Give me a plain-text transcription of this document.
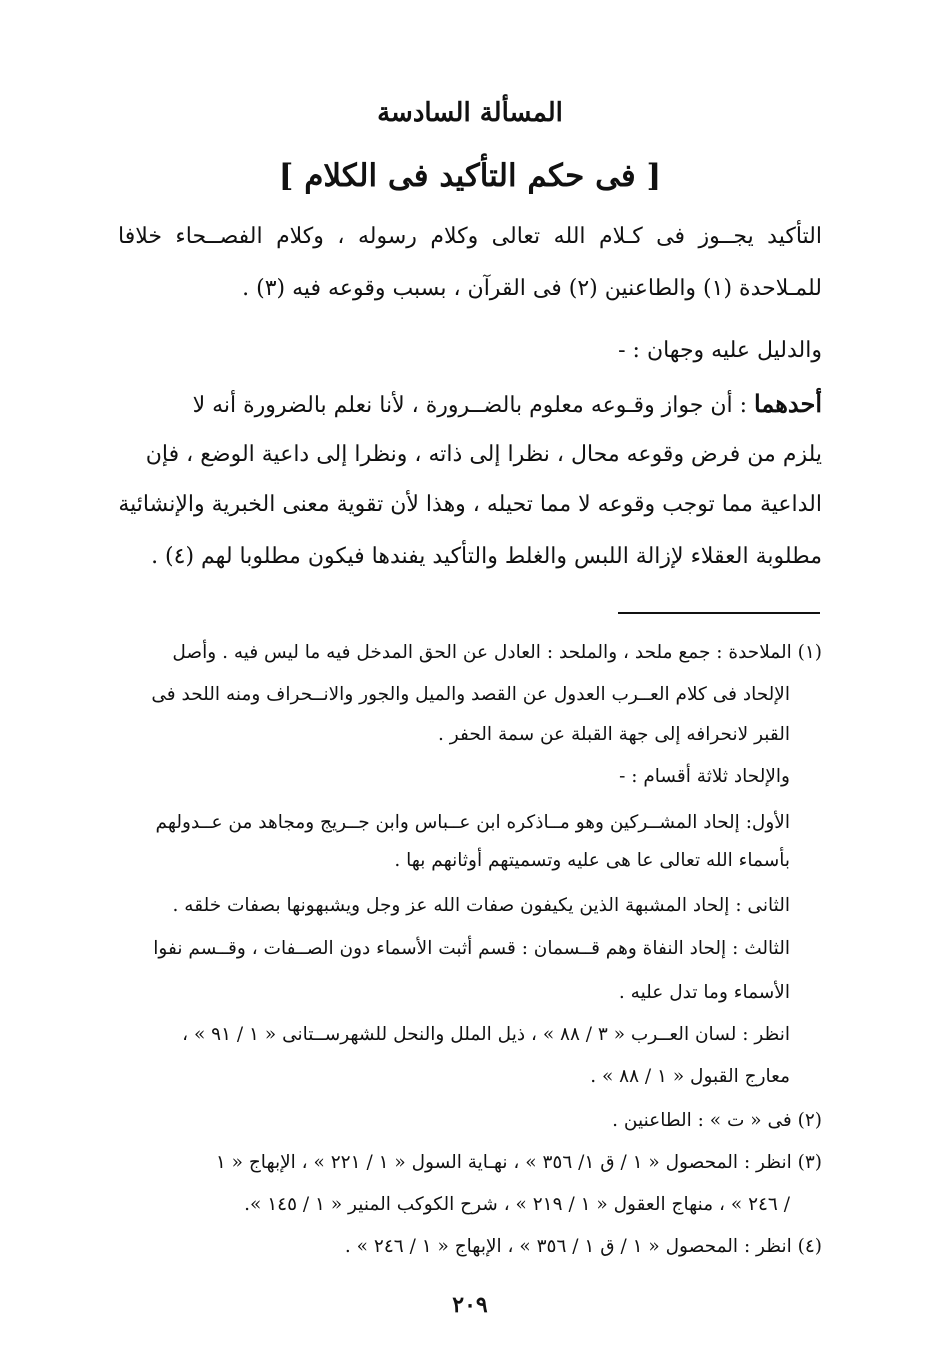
المسألة السادسة
[ فى حكم التأكيد فى الكلام ]
التأكيد يجــوز فى كـلام الله تعالى وكلام رسوله ، وكلام الفصــحاء خلافا
للمـلاحدة (١) والطاعنين (٢) فى القرآن ، بسبب وقوعه فيه (٣) .
والدليل عليه وجهان : -
أحدهما : أن جواز وقـوعه معلوم بالضــرورة ، لأنا نعلم بالضرورة أنه لا
يلزم من فرض وقوعه محال ، نظرا إلى ذاته ، ونظرا إلى داعية الوضع ، فإن
الداعية مما توجب وقوعه لا مما تحيله ، وهذا لأن تقوية معنى الخبرية والإنشائية
مطلوبة العقلاء لإزالة اللبس والغلط والتأكيد يفندها فيكون مطلوبا لهم (٤) .
(١) الملاحدة : جمع ملحد ، والملحد : العادل عن الحق المدخل فيه ما ليس فيه . وأصل
الإلحاد فى كلام العــرب العدول عن القصد والميل والجور والانــحراف ومنه اللحد فى
القبر لانحرافه إلى جهة القبلة عن سمة الحفر .
والإلحاد ثلاثة أقسام : -
الأول: إلحاد المشــركين وهو مــاذكره ابن عــباس وابن جــريج ومجاهد من عــدولهم
بأسماء الله تعالى عا هى عليه وتسميتهم أوثانهم بها .
الثانى : إلحاد المشبهة الذين يكيفون صفات الله عز وجل ويشبهونها بصفات خلقه .
الثالث : إلحاد النفاة وهم قــسمان : قسم أثبت الأسماء دون الصــفات ، وقــسم نفوا
الأسماء وما تدل عليه .
انظر : لسان العــرب « ٣ / ٨٨ » ، ذيل الملل والنحل للشهرســتانى « ١ / ٩١ » ،
معارج القبول « ١ / ٨٨ » .
(٢) فى « ت » : الطاعنين .
(٣) انظر : المحصول « ١ / ق ١/ ٣٥٦ » ، نهـاية السول « ١ / ٢٢١ » ، الإبهاج « ١
/ ٢٤٦ » ، منهاج العقول « ١ / ٢١٩ » ، شرح الكوكب المنير « ١ / ١٤٥ ».
(٤) انظر : المحصول « ١ / ق ١ / ٣٥٦ » ، الإبهاج « ١ / ٢٤٦ » .
٢٠٩
